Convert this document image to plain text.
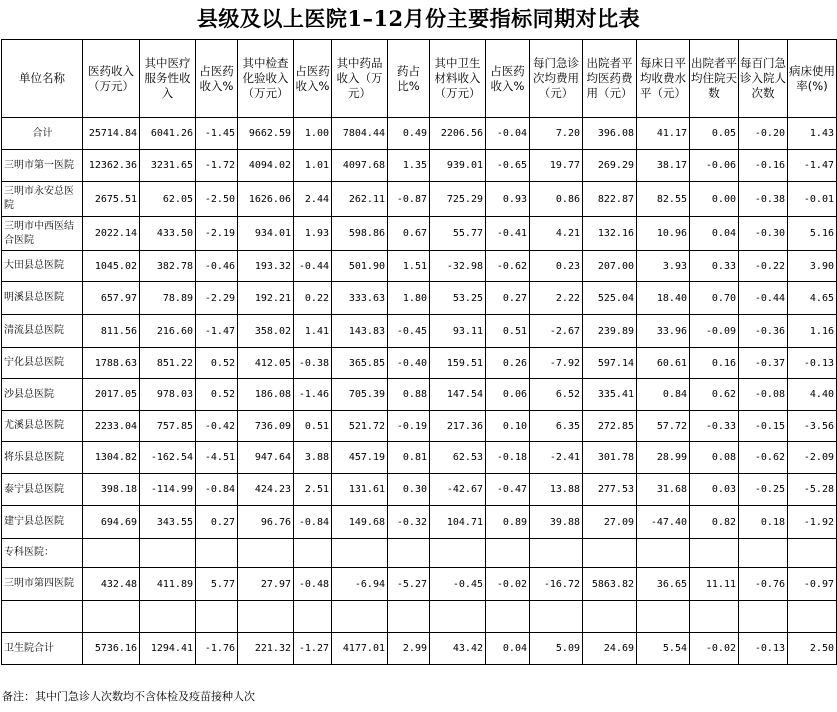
县级及以上医院1–12月份主要指标同期对比表
单位名称	医药收入（万元）	其中医疗服务性收入	占医药收入%	其中检查化验收入（万元）	占医药收入%	其中药品收入（万元）	药占比%	其中卫生材料收入（万元）	占医药收入%	每门急诊次均费用（元）	出院者平均医药费用（元）	每床日平均收费水平（元）	出院者平均住院天数	每百门急诊入院人次数	病床使用率(%)
合计	25714.84	6041.26	-1.45	9662.59	1.00	7804.44	0.49	2206.56	-0.04	7.20	396.08	41.17	0.05	-0.20	1.43
三明市第一医院	12362.36	3231.65	-1.72	4094.02	1.01	4097.68	1.35	939.01	-0.65	19.77	269.29	38.17	-0.06	-0.16	-1.47
三明市永安总医院	2675.51	62.05	-2.50	1626.06	2.44	262.11	-0.87	725.29	0.93	0.86	822.87	82.55	0.00	-0.38	-0.01
三明市中西医结合医院	2022.14	433.50	-2.19	934.01	1.93	598.86	0.67	55.77	-0.41	4.21	132.16	10.96	0.04	-0.30	5.16
大田县总医院	1045.02	382.78	-0.46	193.32	-0.44	501.90	1.51	-32.98	-0.62	0.23	207.00	3.93	0.33	-0.22	3.90
明溪县总医院	657.97	78.89	-2.29	192.21	0.22	333.63	1.80	53.25	0.27	2.22	525.04	18.40	0.70	-0.44	4.65
清流县总医院	811.56	216.60	-1.47	358.02	1.41	143.83	-0.45	93.11	0.51	-2.67	239.89	33.96	-0.09	-0.36	1.16
宁化县总医院	1788.63	851.22	0.52	412.05	-0.38	365.85	-0.40	159.51	0.26	-7.92	597.14	60.61	0.16	-0.37	-0.13
沙县总医院	2017.05	978.03	0.52	186.08	-1.46	705.39	0.88	147.54	0.06	6.52	335.41	0.84	0.62	-0.08	4.40
尤溪县总医院	2233.04	757.85	-0.42	736.09	0.51	521.72	-0.19	217.36	0.10	6.35	272.85	57.72	-0.33	-0.15	-3.56
将乐县总医院	1304.82	-162.54	-4.51	947.64	3.88	457.19	0.81	62.53	-0.18	-2.41	301.78	28.99	0.08	-0.62	-2.09
泰宁县总医院	398.18	-114.99	-0.84	424.23	2.51	131.61	0.30	-42.67	-0.47	13.88	277.53	31.68	0.03	-0.25	-5.28
建宁县总医院	694.69	343.55	0.27	96.76	-0.84	149.68	-0.32	104.71	0.89	39.88	27.09	-47.40	0.82	0.18	-1.92
专科医院：															
三明市第四医院	432.48	411.89	5.77	27.97	-0.48	-6.94	-5.27	-0.45	-0.02	-16.72	5863.82	36.65	11.11	-0.76	-0.97

卫生院合计	5736.16	1294.41	-1.76	221.32	-1.27	4177.01	2.99	43.42	0.04	5.09	24.69	5.54	-0.02	-0.13	2.50
备注：其中门急诊人次数均不含体检及疫苗接种人次
